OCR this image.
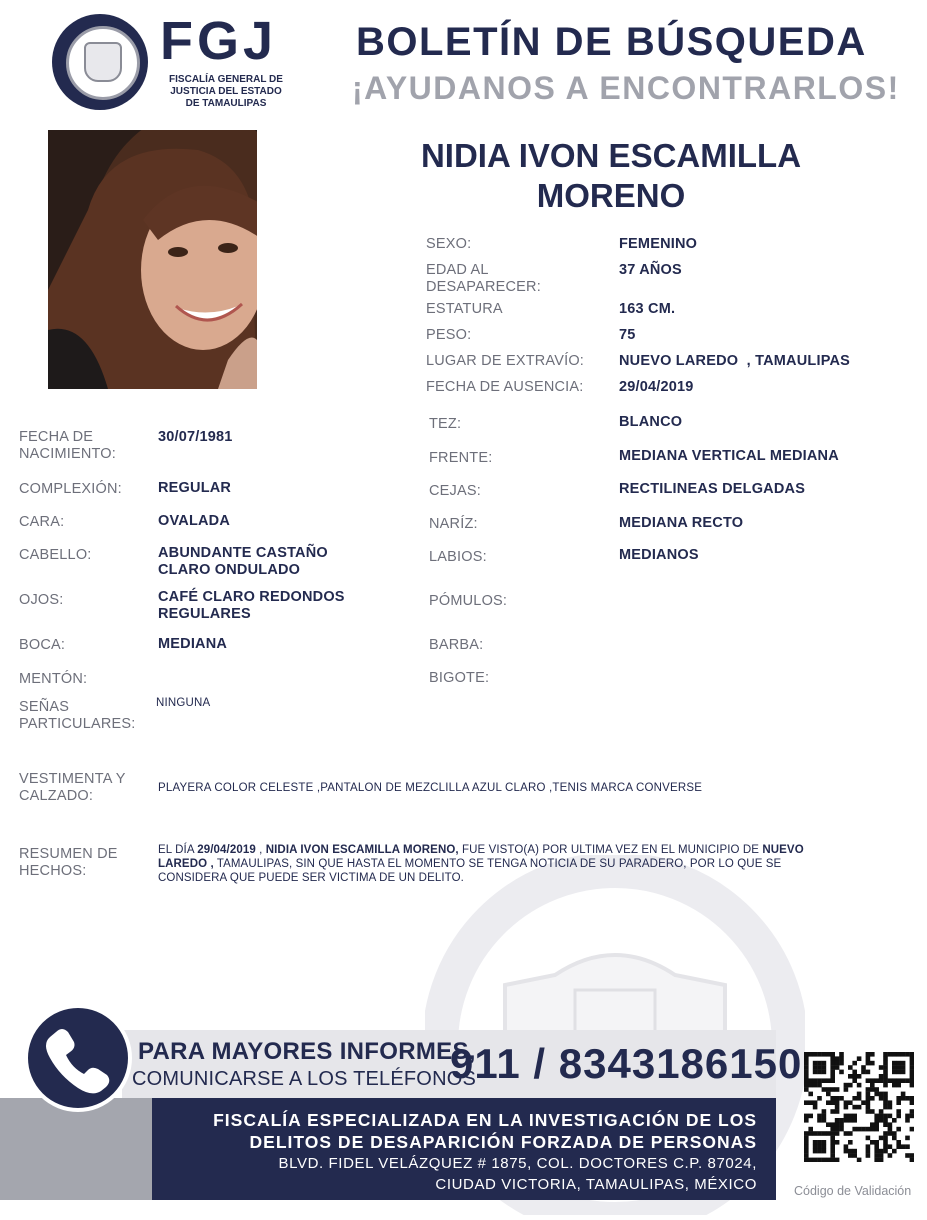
FGJ
FISCALÍA GENERAL DE
JUSTICIA DEL ESTADO
DE TAMAULIPAS
BOLETÍN DE BÚSQUEDA
¡AYUDANOS A ENCONTRARLOS!
NIDIA IVON ESCAMILLA
MORENO
SEXO:	FEMENINO
EDAD AL
DESAPARECER:
37 AÑOS
ESTATURA	163 CM.
PESO:	75
LUGAR DE EXTRAVÍO: NUEVO LAREDO  , TAMAULIPAS
FECHA DE AUSENCIA: 29/04/2019
TEZ:	BLANCO
FRENTE:	MEDIANA VERTICAL MEDIANA
CEJAS:	RECTILINEAS DELGADAS
NARÍZ:	MEDIANA RECTO
LABIOS:	MEDIANOS
PÓMULOS:
BARBA:
BIGOTE:
FECHA DE
NACIMIENTO:
30/07/1981
COMPLEXIÓN: REGULAR
CARA:	OVALADA
CABELLO:	ABUNDANTE CASTAÑO
CLARO ONDULADO
OJOS:	CAFÉ CLARO REDONDOS
REGULARES
BOCA:	MEDIANA
MENTÓN:
SEÑAS
PARTICULARES:
NINGUNA
VESTIMENTA Y
CALZADO:	PLAYERA COLOR CELESTE ,PANTALON DE MEZCLILLA AZUL CLARO ,TENIS MARCA CONVERSE
RESUMEN DE
HECHOS:
EL DÍA 29/04/2019 , NIDIA IVON ESCAMILLA MORENO, FUE VISTO(A) POR ULTIMA VEZ EN EL MUNICIPIO DE NUEVO LAREDO , TAMAULIPAS, SIN QUE HASTA EL MOMENTO SE TENGA NOTICIA DE SU PARADERO, POR LO QUE SE CONSIDERA QUE PUEDE SER VICTIMA DE UN DELITO.
PARA MAYORES INFORMES,
COMUNICARSE A LOS TELÉFONOS
911 / 8343186150
FISCALÍA ESPECIALIZADA EN LA INVESTIGACIÓN DE LOS
DELITOS DE DESAPARICIÓN FORZADA DE PERSONAS
BLVD. FIDEL VELÁZQUEZ # 1875, COL. DOCTORES C.P. 87024,
CIUDAD VICTORIA, TAMAULIPAS, MÉXICO	Código de Validación
